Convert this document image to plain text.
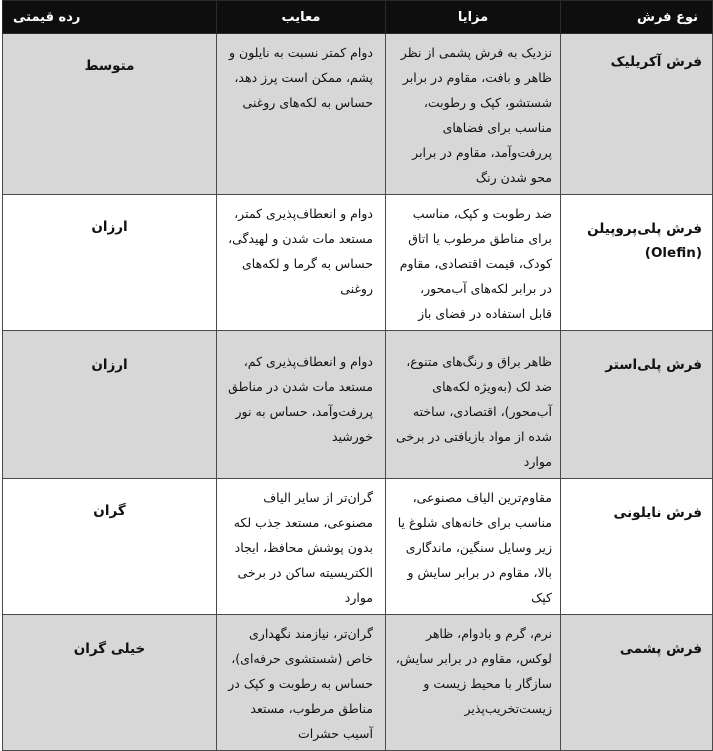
نوع فرش	مزایا	معایب	رده قیمتی
فرش آکریلیک	نزدیک به فرش پشمی از نظر ظاهر و بافت، مقاوم در برابر شستشو، کپک و رطوبت، مناسب برای فضاهای پررفت‌وآمد، مقاوم در برابر محو شدن رنگ	دوام کمتر نسبت به نایلون و پشم، ممکن است پرز دهد، حساس به لکه‌های روغنی	متوسط
فرش پلی‌پروپیلن (Olefin)	ضد رطوبت و کپک، مناسب برای مناطق مرطوب یا اتاق کودک، قیمت اقتصادی، مقاوم در برابر لکه‌های آب‌محور، قابل استفاده در فضای باز	دوام و انعطاف‌پذیری کمتر، مستعد مات شدن و لهیدگی، حساس به گرما و لکه‌های روغنی	ارزان
فرش پلی‌استر	ظاهر براق و رنگ‌های متنوع، ضد لک (به‌ویژه لکه‌های آب‌محور)، اقتصادی، ساخته شده از مواد بازیافتی در برخی موارد	دوام و انعطاف‌پذیری کم، مستعد مات شدن در مناطق پررفت‌وآمد، حساس به نور خورشید	ارزان
فرش نایلونی	مقاوم‌ترین الیاف مصنوعی، مناسب برای خانه‌های شلوغ یا زیر وسایل سنگین، ماندگاری بالا، مقاوم در برابر سایش و کپک	گران‌تر از سایر الیاف مصنوعی، مستعد جذب لکه بدون پوشش محافظ، ایجاد الکتریسیته ساکن در برخی موارد	گران
فرش پشمی	نرم، گرم و بادوام، ظاهر لوکس، مقاوم در برابر سایش، سازگار با محیط زیست و زیست‌تخریب‌پذیر	گران‌تر، نیازمند نگهداری خاص (شستشوی حرفه‌ای)، حساس به رطوبت و کپک در مناطق مرطوب، مستعد آسیب حشرات	خیلی گران
